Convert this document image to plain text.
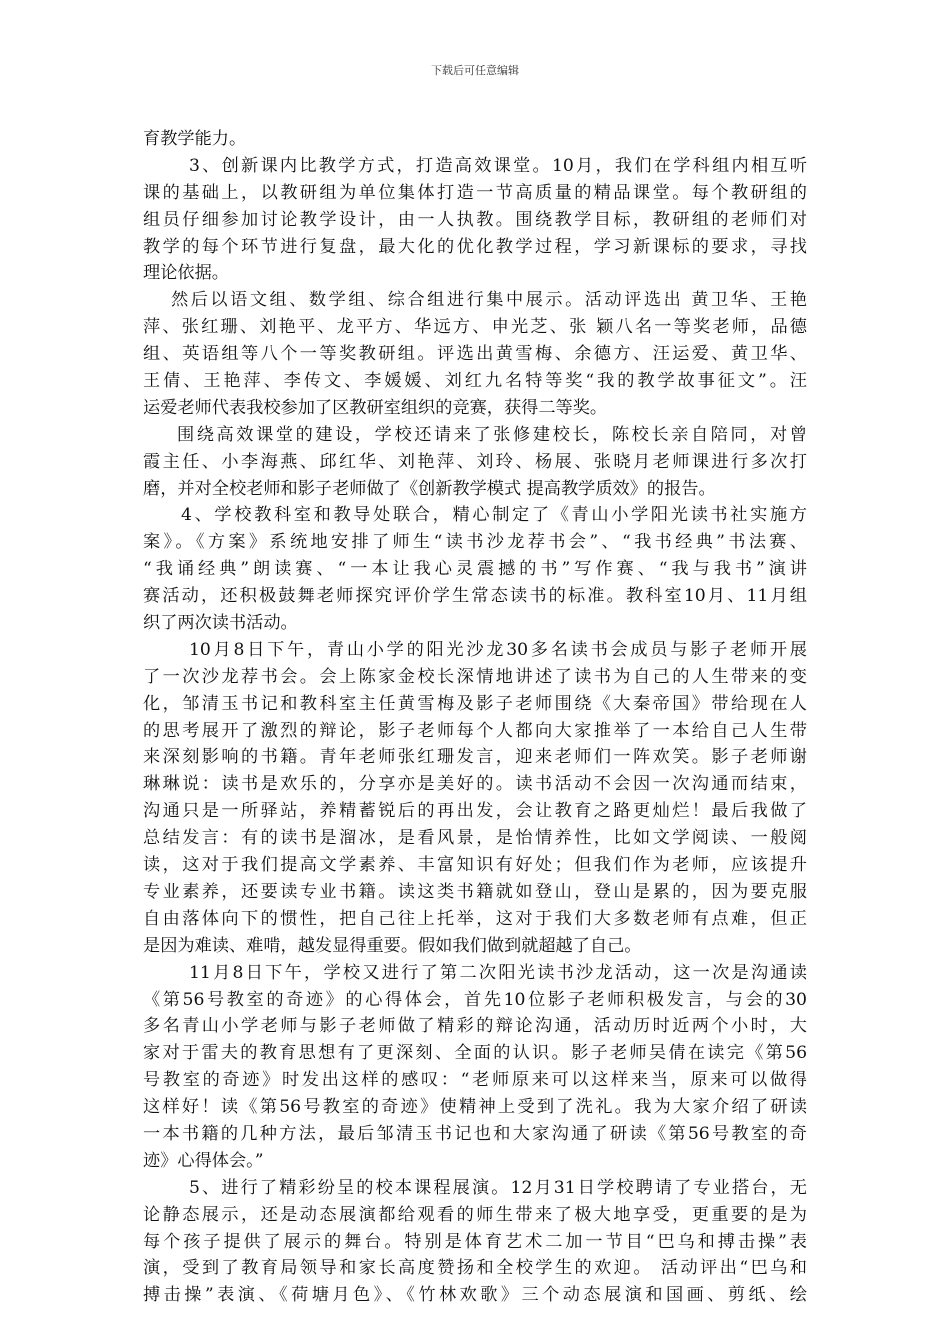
下载后可任意编辑
育教学能力。
3、创新课内比教学方式，打造高效课堂。10月，我们在学科组内相互听
课的基础上，以教研组为单位集体打造一节高质量的精品课堂。每个教研组的
组员仔细参加讨论教学设计，由一人执教。围绕教学目标，教研组的老师们对
教学的每个环节进行复盘，最大化的优化教学过程，学习新课标的要求，寻找
理论依据。
然后以语文组、数学组、综合组进行集中展示。活动评选出 黄卫华、王艳
萍、张红珊、刘艳平、龙平方、华远方、申光芝、张 颖八名一等奖老师，品德
组、英语组等八个一等奖教研组。评选出黄雪梅、余德方、汪运爱、黄卫华、
王倩、王艳萍、李传文、李媛媛、刘红九名特等奖“我的教学故事征文”。汪
运爱老师代表我校参加了区教研室组织的竞赛，获得二等奖。
围绕高效课堂的建设，学校还请来了张修建校长，陈校长亲自陪同，对曾
霞主任、小李海燕、邱红华、刘艳萍、刘玲、杨展、张晓月老师课进行多次打
磨，并对全校老师和影子老师做了《创新教学模式 提高教学质效》的报告。
4、学校教科室和教导处联合，精心制定了《青山小学阳光读书社实施方
案》。《方案》系统地安排了师生“读书沙龙荐书会”、“我书经典”书法赛、
“我诵经典”朗读赛、“一本让我心灵震撼的书”写作赛、“我与我书”演讲
赛活动，还积极鼓舞老师探究评价学生常态读书的标准。教科室10月、11月组
织了两次读书活动。
10月8日下午，青山小学的阳光沙龙30多名读书会成员与影子老师开展
了一次沙龙荐书会。会上陈家金校长深情地讲述了读书为自己的人生带来的变
化，邹清玉书记和教科室主任黄雪梅及影子老师围绕《大秦帝国》带给现在人
的思考展开了激烈的辩论，影子老师每个人都向大家推举了一本给自己人生带
来深刻影响的书籍。青年老师张红珊发言，迎来老师们一阵欢笑。影子老师谢
琳琳说：读书是欢乐的，分享亦是美好的。读书活动不会因一次沟通而结束，
沟通只是一所驿站，养精蓄锐后的再出发，会让教育之路更灿烂！最后我做了
总结发言：有的读书是溜冰，是看风景，是怡情养性，比如文学阅读、一般阅
读，这对于我们提高文学素养、丰富知识有好处；但我们作为老师，应该提升
专业素养，还要读专业书籍。读这类书籍就如登山，登山是累的，因为要克服
自由落体向下的惯性，把自己往上托举，这对于我们大多数老师有点难，但正
是因为难读、难啃，越发显得重要。假如我们做到就超越了自己。
11月8日下午，学校又进行了第二次阳光读书沙龙活动，这一次是沟通读
《第56号教室的奇迹》的心得体会，首先10位影子老师积极发言，与会的30
多名青山小学老师与影子老师做了精彩的辩论沟通，活动历时近两个小时，大
家对于雷夫的教育思想有了更深刻、全面的认识。影子老师吴倩在读完《第56
号教室的奇迹》时发出这样的感叹：“老师原来可以这样来当，原来可以做得
这样好！读《第56号教室的奇迹》使精神上受到了洗礼。我为大家介绍了研读
一本书籍的几种方法，最后邹清玉书记也和大家沟通了研读《第56号教室的奇
迹》心得体会。”
5、进行了精彩纷呈的校本课程展演。12月31日学校聘请了专业搭台，无
论静态展示，还是动态展演都给观看的师生带来了极大地享受，更重要的是为
每个孩子提供了展示的舞台。特别是体育艺术二加一节目“巴乌和搏击操”表
演，受到了教育局领导和家长高度赞扬和全校学生的欢迎。 活动评出“巴乌和
搏击操”表演、《荷塘月色》、《竹林欢歌》三个动态展演和国画、剪纸、绘
